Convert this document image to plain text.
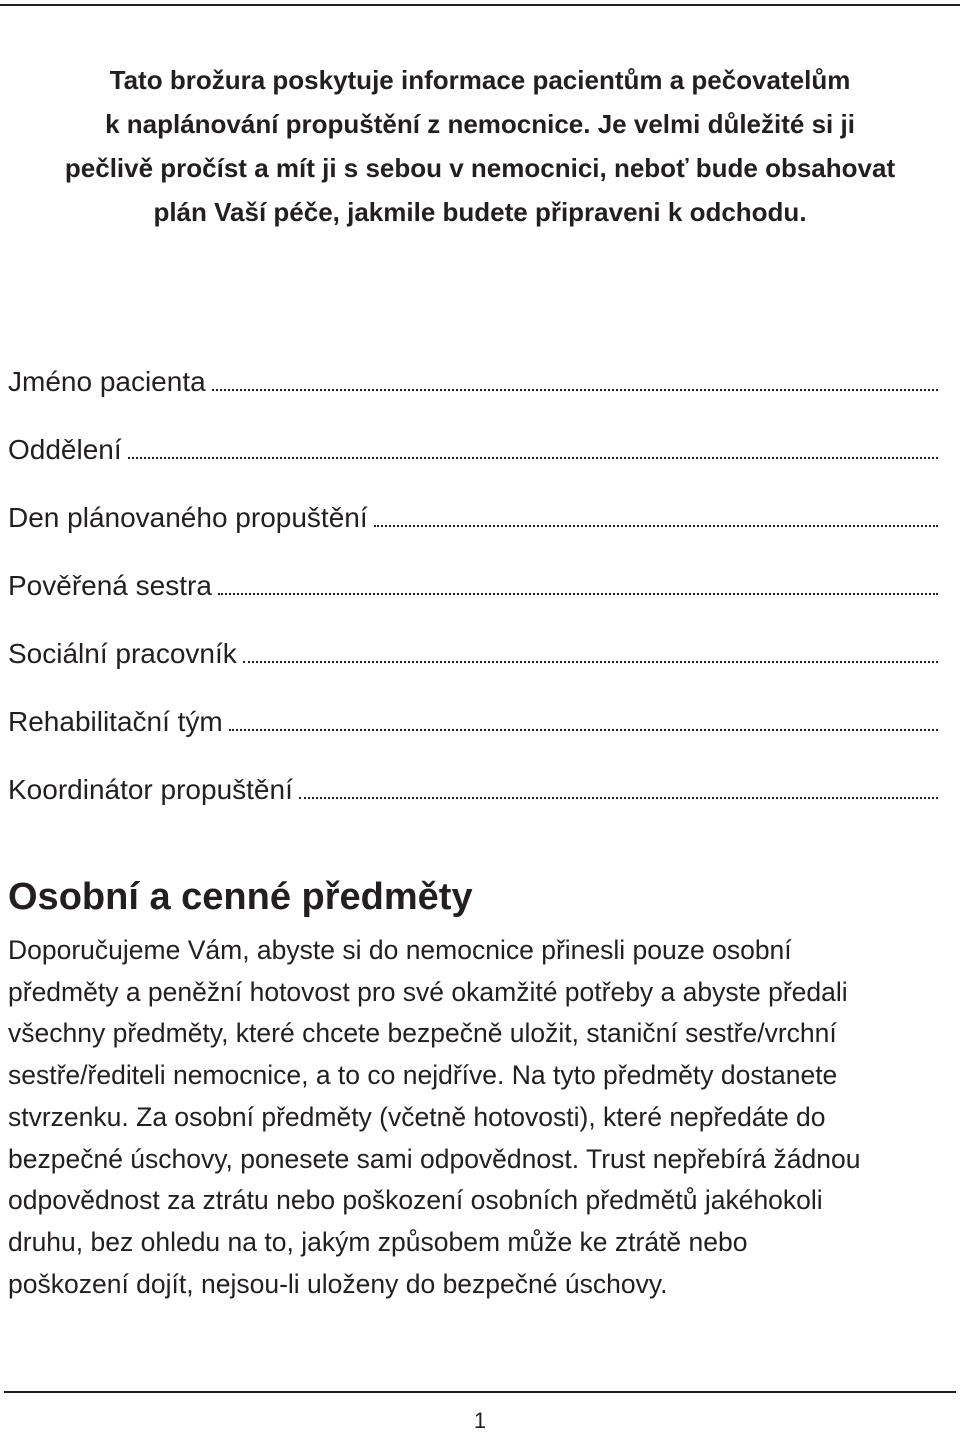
Tato brožura poskytuje informace pacientům a pečovatelům
k naplánování propuštění z nemocnice. Je velmi důležité si ji
pečlivě pročíst a mít ji s sebou v nemocnici, neboť bude obsahovat
plán Vaší péče, jakmile budete připraveni k odchodu.
Jméno pacienta
Oddělení
Den plánovaného propuštění
Pověřená sestra
Sociální pracovník
Rehabilitační tým
Koordinátor propuštění
Osobní a cenné předměty
Doporučujeme Vám, abyste si do nemocnice přinesli pouze osobní
předměty a peněžní hotovost pro své okamžité potřeby a abyste předali
všechny předměty, které chcete bezpečně uložit, staniční sestře/vrchní
sestře/řediteli nemocnice, a to co nejdříve. Na tyto předměty dostanete
stvrzenku. Za osobní předměty (včetně hotovosti), které nepředáte do
bezpečné úschovy, ponesete sami odpovědnost. Trust nepřebírá žádnou
odpovědnost za ztrátu nebo poškození osobních předmětů jakéhokoli
druhu, bez ohledu na to, jakým způsobem může ke ztrátě nebo
poškození dojít, nejsou-li uloženy do bezpečné úschovy.
1
